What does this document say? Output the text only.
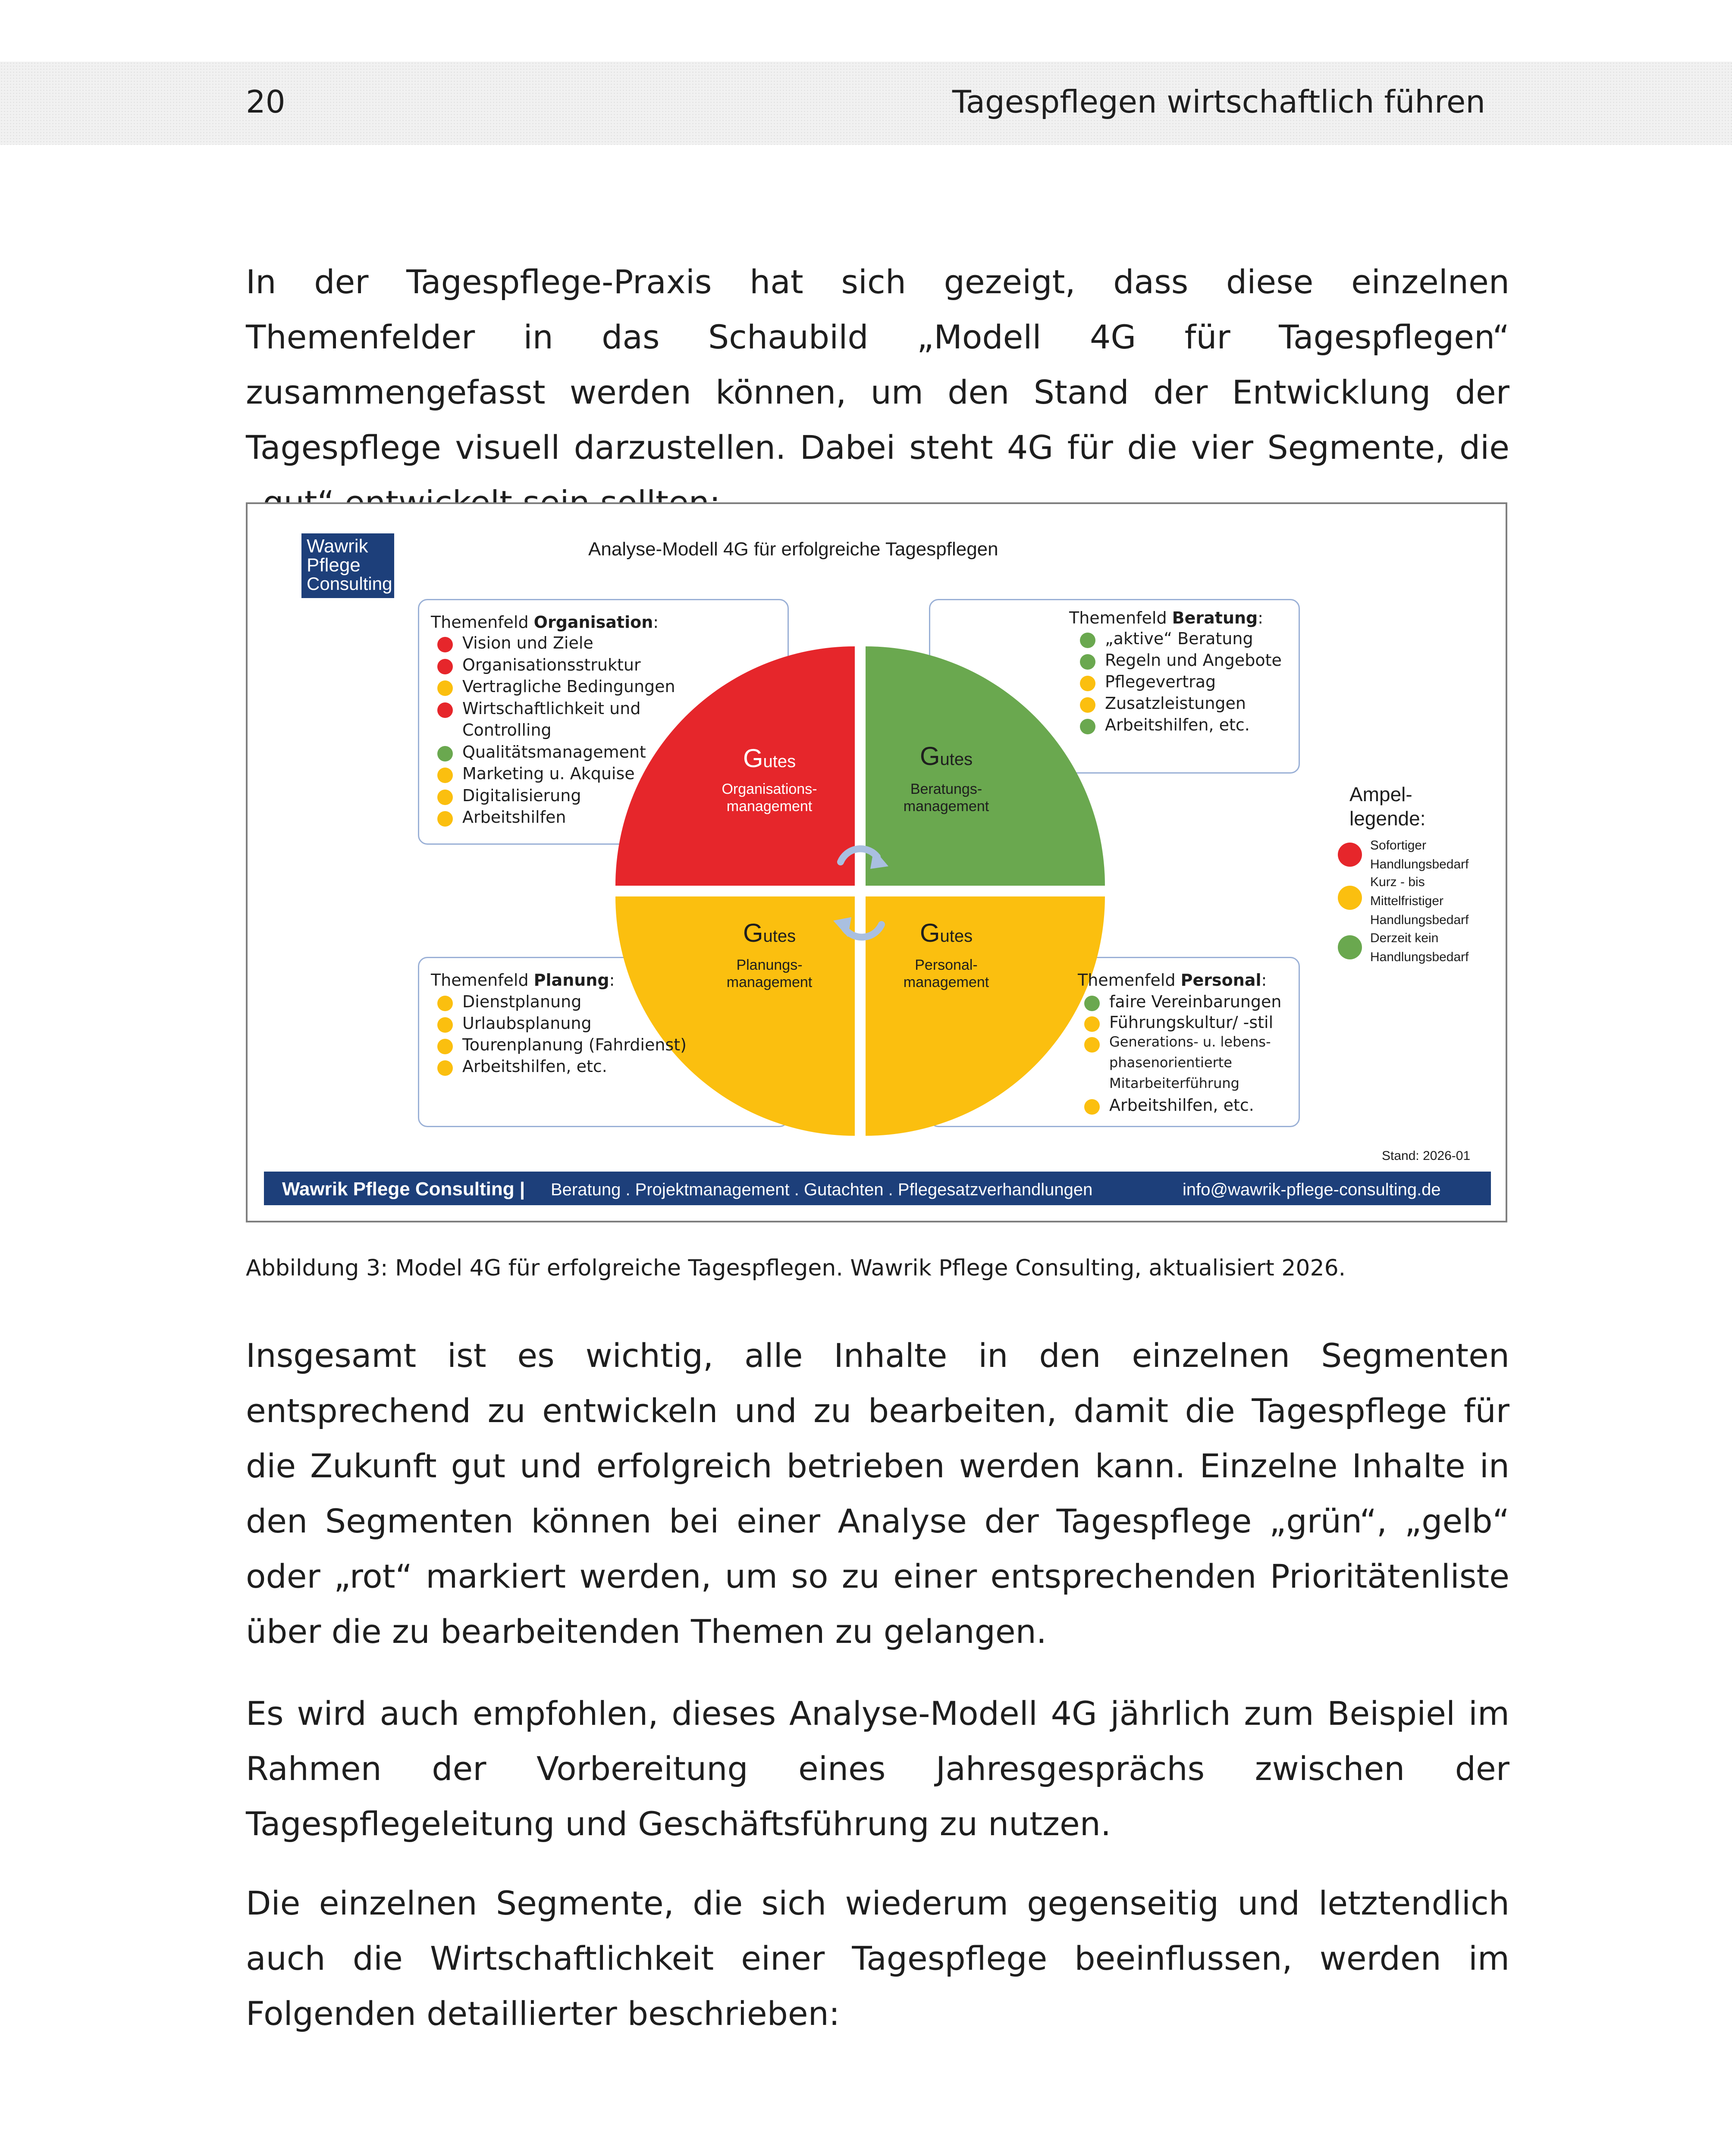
20	Tagespflegen wirtschaftlich führen

In der Tagespflege-Praxis hat sich gezeigt, dass diese einzelnen Themenfelder in das Schaubild „Modell 4G für Tagespflegen“ zusammengefasst werden können, um den Stand der Entwicklung der Tagespflege visuell darzustellen. Dabei steht 4G für die vier Segmente, die

Wawrik
Pflege
Consulting
Analyse-Modell 4G für erfolgreiche Tagespflegen
Gutes
Organisations-
management
Gutes
Beratungs-
management
Gutes
Planungs-
management
Gutes
Personal-
management
Themenfeld Organisation:
Vision und Ziele
Organisationsstruktur
Vertragliche Bedingungen
Wirtschaftlichkeit und
Controlling
Qualitätsmanagement
Marketing u. Akquise
Digitalisierung
Arbeitshilfen
Themenfeld Beratung:
„aktive“ Beratung
Regeln und Angebote
Pflegevertrag
Zusatzleistungen
Arbeitshilfen, etc.
Themenfeld Planung:
Dienstplanung
Urlaubsplanung
Tourenplanung (Fahrdienst)
Arbeitshilfen, etc.
Themenfeld Personal:
faire Vereinbarungen
Führungskultur/ -stil
Generations- u. lebens-
phasenorientierte
Mitarbeiterführung
Arbeitshilfen, etc.
Ampel-
legende:
Sofortiger
Handlungsbedarf
Kurz - bis
Mittelfristiger
Handlungsbedarf
Derzeit kein
Handlungsbedarf
Stand: 2026-01
Wawrik Pflege Consulting | Beratung . Projektmanagement . Gutachten . Pflegesatzverhandlungen	info@wawrik-pflege-consulting.de
Abbildung 3: Model 4G für erfolgreiche Tagespflegen. Wawrik Pflege Consulting, aktualisiert 2026.

Insgesamt ist es wichtig, alle Inhalte in den einzelnen Segmenten entsprechend zu entwickeln und zu bearbeiten, damit die Tagespflege für die Zukunft gut und erfolgreich betrieben werden kann. Einzelne Inhalte in den Segmenten können bei einer Analyse der Tagespflege „grün“, „gelb“ oder „rot“ markiert werden, um so zu einer entsprechenden Prioritätenliste über die zu bearbeitenden Themen zu gelangen.

Es wird auch empfohlen, dieses Analyse-Modell 4G jährlich zum Beispiel im Rahmen der Vorbereitung eines Jahresgesprächs zwischen der Tagespflegeleitung und Geschäftsführung zu nutzen.

Die einzelnen Segmente, die sich wiederum gegenseitig und letztendlich auch die Wirtschaftlichkeit einer Tagespflege beeinflussen, werden im Folgenden detaillierter beschrieben:
